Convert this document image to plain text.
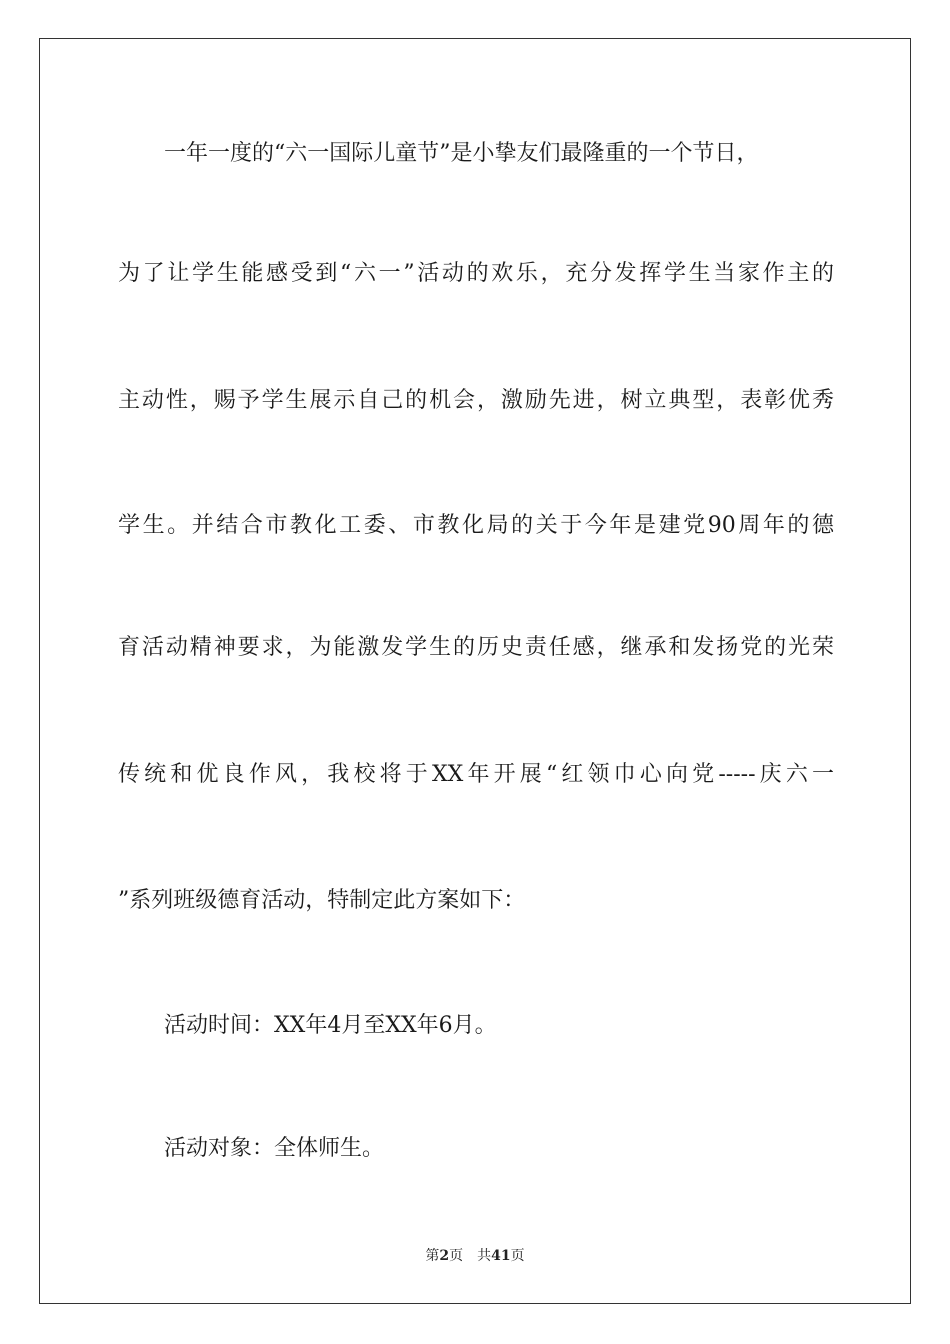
一年一度的“六一国际儿童节”是小挚友们最隆重的一个节日，
为了让学生能感受到“六一”活动的欢乐，充分发挥学生当家作主的
主动性，赐予学生展示自己的机会，激励先进，树立典型，表彰优秀
学生。并结合市教化工委、市教化局的关于今年是建党90周年的德
育活动精神要求，为能激发学生的历史责任感，继承和发扬党的光荣
传统和优良作风，我校将于XX年开展“红领巾心向党-----庆六一
”系列班级德育活动，特制定此方案如下：
活动时间：XX年4月至XX年6月。
活动对象：全体师生。
第2页 共41页
